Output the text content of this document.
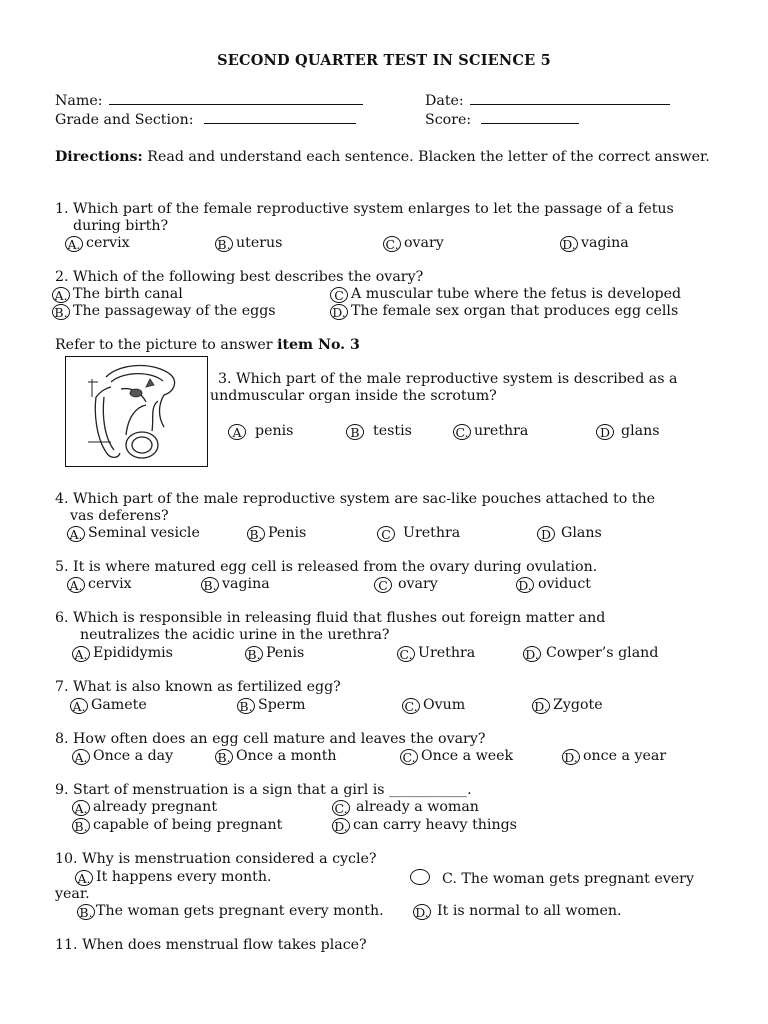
SECOND QUARTER TEST IN SCIENCE 5
Name:	Date:
Grade and Section:	Score:
Directions: Read and understand each sentence. Blacken the letter of the correct answer.
1. Which part of the female reproductive system enlarges to let the passage of a fetus
during birth?
A. cervix	B. uterus	C. ovary	D. vagina
2. Which of the following best describes the ovary?
A. The birth canal	C A muscular tube where the fetus is developed
B. The passageway of the eggs	D. The female sex organ that produces egg cells
Refer to the picture to answer item No. 3
3. Which part of the male reproductive system is described as a
undmuscular organ inside the scrotum?
A penis	B testis	C. urethra	D glans
4. Which part of the male reproductive system are sac-like pouches attached to the
vas deferens?
A. Seminal vesicle	B. Penis	C Urethra	D Glans
5. It is where matured egg cell is released from the ovary during ovulation.
A. cervix	B. vagina	C ovary	D. oviduct
6. Which is responsible in releasing fluid that flushes out foreign matter and
neutralizes the acidic urine in the urethra?
A. Epididymis	B. Penis	C. Urethra	D. Cowper’s gland
7. What is also known as fertilized egg?
A. Gamete	B. Sperm	C. Ovum	D. Zygote
8. How often does an egg cell mature and leaves the ovary?
A. Once a day	B. Once a month	C. Once a week	D. once a year
9. Start of menstruation is a sign that a girl is ___________.
A. already pregnant	C. already a woman
B. capable of being pregnant	D. can carry heavy things
10. Why is menstruation considered a cycle?
A. It happens every month.	C. The woman gets pregnant every
year.
B. The woman gets pregnant every month.	D. It is normal to all women.
11. When does menstrual flow takes place?
